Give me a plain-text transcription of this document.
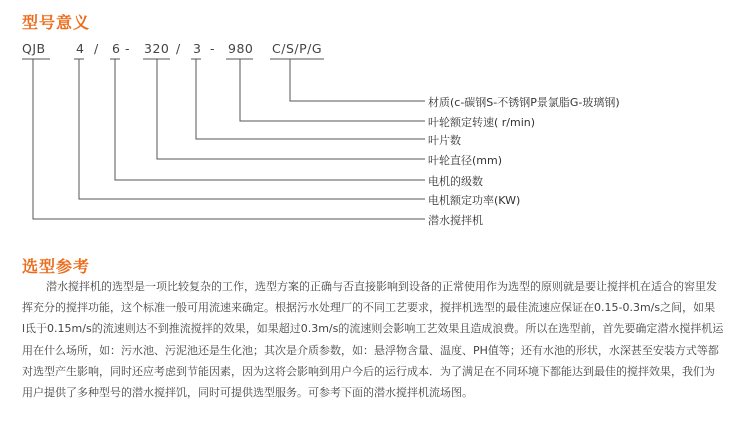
型号意义
QJB 4 / 6 - 320 / 3 - 980 C/S/P/G
材质(c-碳钢S-不锈钢P景氯脂G-玻璃钢)
叶轮额定转速( r/min)
叶片数
叶轮直径(mm)
电机的级数
电机额定功率(KW)
潜水搅拌机
选型参考

潜水搅拌机的选型是一项比较复杂的工作，选型方案的正确与否直接影响到设备的正常使用作为选型的原则就是要让搅拌机在适合的窖里发
挥充分的搅拌功能，这个标准一般可用流速来确定。根据污水处理厂的不同工艺要求，搅拌机选型的最佳流速应保证在0.15-0.3m/s之间，如果
l氐于0.15m/s的流速则达不到推流搅拌的效果，如果超过0.3m/s的流速则会影响工艺效果且造成浪费。所以在选型前，首先要确定潜水搅拌机运
用在什么场所，如：污水池、污泥池还是生化池；其次是介质参数，如：悬浮物含量、温度、PH值等；还有水池的形状，水深甚至安装方式等都
对选型产生影响，同时还应考虑到节能因素，因为这将会影响到用户今后的运行成本．为了满足在不同环境下都能达到最佳的搅拌效果，我们为
用户提供了多种型号的潜水搅拌饥，同时可提供选型服务。可参考下面的潜水搅拌机流场图。
